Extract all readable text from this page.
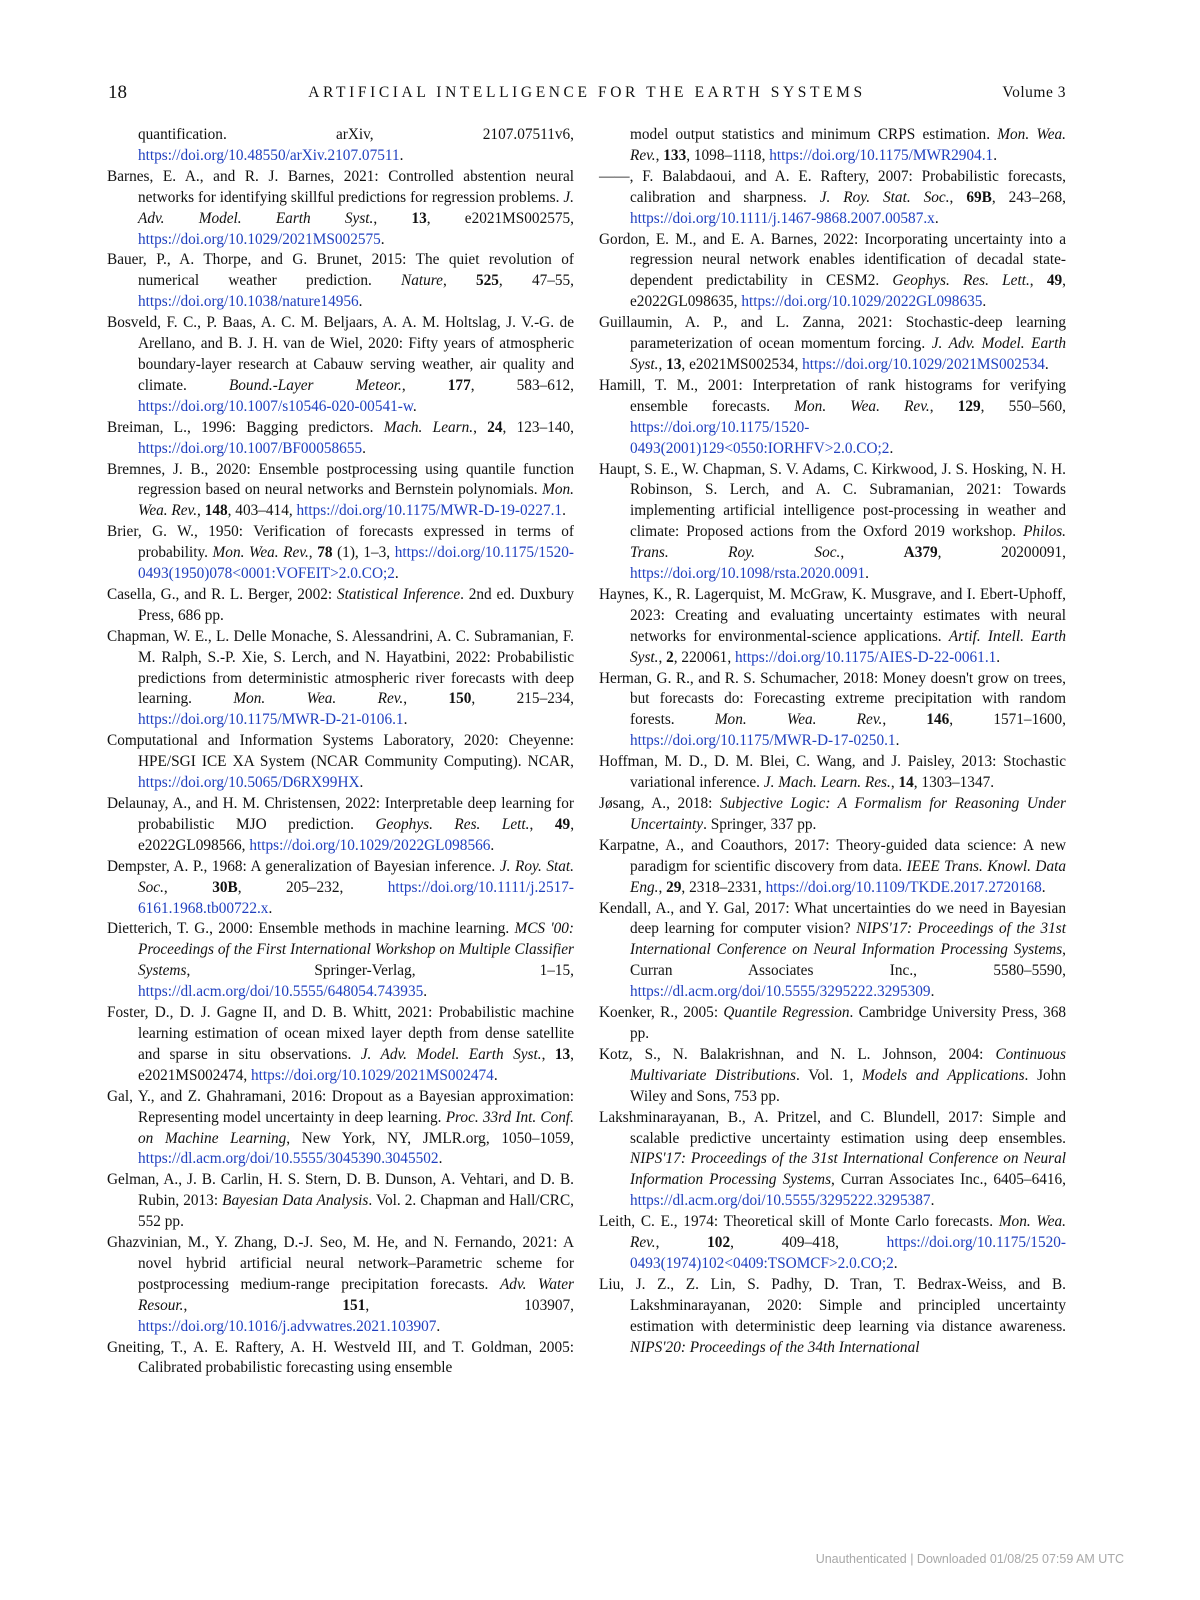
18	ARTIFICIAL INTELLIGENCE FOR THE EARTH SYSTEMS	Volume 3

quantification. arXiv, 2107.07511v6, https://doi.org/10.48550/arXiv.2107.07511.

Barnes, E. A., and R. J. Barnes, 2021: Controlled abstention neural networks for identifying skillful predictions for regression problems. J. Adv. Model. Earth Syst., 13, e2021MS002575, https://doi.org/10.1029/2021MS002575.

Bauer, P., A. Thorpe, and G. Brunet, 2015: The quiet revolution of numerical weather prediction. Nature, 525, 47–55, https://doi.org/10.1038/nature14956.

Bosveld, F. C., P. Baas, A. C. M. Beljaars, A. A. M. Holtslag, J. V.-G. de Arellano, and B. J. H. van de Wiel, 2020: Fifty years of atmospheric boundary-layer research at Cabauw serving weather, air quality and climate. Bound.-Layer Meteor., 177, 583–612, https://doi.org/10.1007/s10546-020-00541-w.

Breiman, L., 1996: Bagging predictors. Mach. Learn., 24, 123–140, https://doi.org/10.1007/BF00058655.

Bremnes, J. B., 2020: Ensemble postprocessing using quantile function regression based on neural networks and Bernstein polynomials. Mon. Wea. Rev., 148, 403–414, https://doi.org/10.1175/MWR-D-19-0227.1.

Brier, G. W., 1950: Verification of forecasts expressed in terms of probability. Mon. Wea. Rev., 78 (1), 1–3, https://doi.org/10.1175/1520-0493(1950)078<0001:VOFEIT>2.0.CO;2.

Casella, G., and R. L. Berger, 2002: Statistical Inference. 2nd ed. Duxbury Press, 686 pp.

Chapman, W. E., L. Delle Monache, S. Alessandrini, A. C. Subramanian, F. M. Ralph, S.-P. Xie, S. Lerch, and N. Hayatbini, 2022: Probabilistic predictions from deterministic atmospheric river forecasts with deep learning. Mon. Wea. Rev., 150, 215–234, https://doi.org/10.1175/MWR-D-21-0106.1.

Computational and Information Systems Laboratory, 2020: Cheyenne: HPE/SGI ICE XA System (NCAR Community Computing). NCAR, https://doi.org/10.5065/D6RX99HX.

Delaunay, A., and H. M. Christensen, 2022: Interpretable deep learning for probabilistic MJO prediction. Geophys. Res. Lett., 49, e2022GL098566, https://doi.org/10.1029/2022GL098566.

Dempster, A. P., 1968: A generalization of Bayesian inference. J. Roy. Stat. Soc., 30B, 205–232, https://doi.org/10.1111/j.2517-6161.1968.tb00722.x.

Dietterich, T. G., 2000: Ensemble methods in machine learning. MCS '00: Proceedings of the First International Workshop on Multiple Classifier Systems, Springer-Verlag, 1–15, https://dl.acm.org/doi/10.5555/648054.743935.

Foster, D., D. J. Gagne II, and D. B. Whitt, 2021: Probabilistic machine learning estimation of ocean mixed layer depth from dense satellite and sparse in situ observations. J. Adv. Model. Earth Syst., 13, e2021MS002474, https://doi.org/10.1029/2021MS002474.

Gal, Y., and Z. Ghahramani, 2016: Dropout as a Bayesian approximation: Representing model uncertainty in deep learning. Proc. 33rd Int. Conf. on Machine Learning, New York, NY, JMLR.org, 1050–1059, https://dl.acm.org/doi/10.5555/3045390.3045502.

Gelman, A., J. B. Carlin, H. S. Stern, D. B. Dunson, A. Vehtari, and D. B. Rubin, 2013: Bayesian Data Analysis. Vol. 2. Chapman and Hall/CRC, 552 pp.

Ghazvinian, M., Y. Zhang, D.-J. Seo, M. He, and N. Fernando, 2021: A novel hybrid artificial neural network–Parametric scheme for postprocessing medium-range precipitation forecasts. Adv. Water Resour., 151, 103907, https://doi.org/10.1016/j.advwatres.2021.103907.

Gneiting, T., A. E. Raftery, A. H. Westveld III, and T. Goldman, 2005: Calibrated probabilistic forecasting using ensemble

model output statistics and minimum CRPS estimation. Mon. Wea. Rev., 133, 1098–1118, https://doi.org/10.1175/MWR2904.1.

——, F. Balabdaoui, and A. E. Raftery, 2007: Probabilistic forecasts, calibration and sharpness. J. Roy. Stat. Soc., 69B, 243–268, https://doi.org/10.1111/j.1467-9868.2007.00587.x.

Gordon, E. M., and E. A. Barnes, 2022: Incorporating uncertainty into a regression neural network enables identification of decadal state-dependent predictability in CESM2. Geophys. Res. Lett., 49, e2022GL098635, https://doi.org/10.1029/2022GL098635.

Guillaumin, A. P., and L. Zanna, 2021: Stochastic-deep learning parameterization of ocean momentum forcing. J. Adv. Model. Earth Syst., 13, e2021MS002534, https://doi.org/10.1029/2021MS002534.

Hamill, T. M., 2001: Interpretation of rank histograms for verifying ensemble forecasts. Mon. Wea. Rev., 129, 550–560, https://doi.org/10.1175/1520-0493(2001)129<0550:IORHFV>2.0.CO;2.

Haupt, S. E., W. Chapman, S. V. Adams, C. Kirkwood, J. S. Hosking, N. H. Robinson, S. Lerch, and A. C. Subramanian, 2021: Towards implementing artificial intelligence post-processing in weather and climate: Proposed actions from the Oxford 2019 workshop. Philos. Trans. Roy. Soc., A379, 20200091, https://doi.org/10.1098/rsta.2020.0091.

Haynes, K., R. Lagerquist, M. McGraw, K. Musgrave, and I. Ebert-Uphoff, 2023: Creating and evaluating uncertainty estimates with neural networks for environmental-science applications. Artif. Intell. Earth Syst., 2, 220061, https://doi.org/10.1175/AIES-D-22-0061.1.

Herman, G. R., and R. S. Schumacher, 2018: Money doesn't grow on trees, but forecasts do: Forecasting extreme precipitation with random forests. Mon. Wea. Rev., 146, 1571–1600, https://doi.org/10.1175/MWR-D-17-0250.1.

Hoffman, M. D., D. M. Blei, C. Wang, and J. Paisley, 2013: Stochastic variational inference. J. Mach. Learn. Res., 14, 1303–1347.

Jøsang, A., 2018: Subjective Logic: A Formalism for Reasoning Under Uncertainty. Springer, 337 pp.

Karpatne, A., and Coauthors, 2017: Theory-guided data science: A new paradigm for scientific discovery from data. IEEE Trans. Knowl. Data Eng., 29, 2318–2331, https://doi.org/10.1109/TKDE.2017.2720168.

Kendall, A., and Y. Gal, 2017: What uncertainties do we need in Bayesian deep learning for computer vision? NIPS'17: Proceedings of the 31st International Conference on Neural Information Processing Systems, Curran Associates Inc., 5580–5590, https://dl.acm.org/doi/10.5555/3295222.3295309.

Koenker, R., 2005: Quantile Regression. Cambridge University Press, 368 pp.

Kotz, S., N. Balakrishnan, and N. L. Johnson, 2004: Continuous Multivariate Distributions. Vol. 1, Models and Applications. John Wiley and Sons, 753 pp.

Lakshminarayanan, B., A. Pritzel, and C. Blundell, 2017: Simple and scalable predictive uncertainty estimation using deep ensembles. NIPS'17: Proceedings of the 31st International Conference on Neural Information Processing Systems, Curran Associates Inc., 6405–6416, https://dl.acm.org/doi/10.5555/3295222.3295387.

Leith, C. E., 1974: Theoretical skill of Monte Carlo forecasts. Mon. Wea. Rev., 102, 409–418, https://doi.org/10.1175/1520-0493(1974)102<0409:TSOMCF>2.0.CO;2.

Liu, J. Z., Z. Lin, S. Padhy, D. Tran, T. Bedrax-Weiss, and B. Lakshminarayanan, 2020: Simple and principled uncertainty estimation with deterministic deep learning via distance awareness. NIPS'20: Proceedings of the 34th International

Unauthenticated | Downloaded 01/08/25 07:59 AM UTC
